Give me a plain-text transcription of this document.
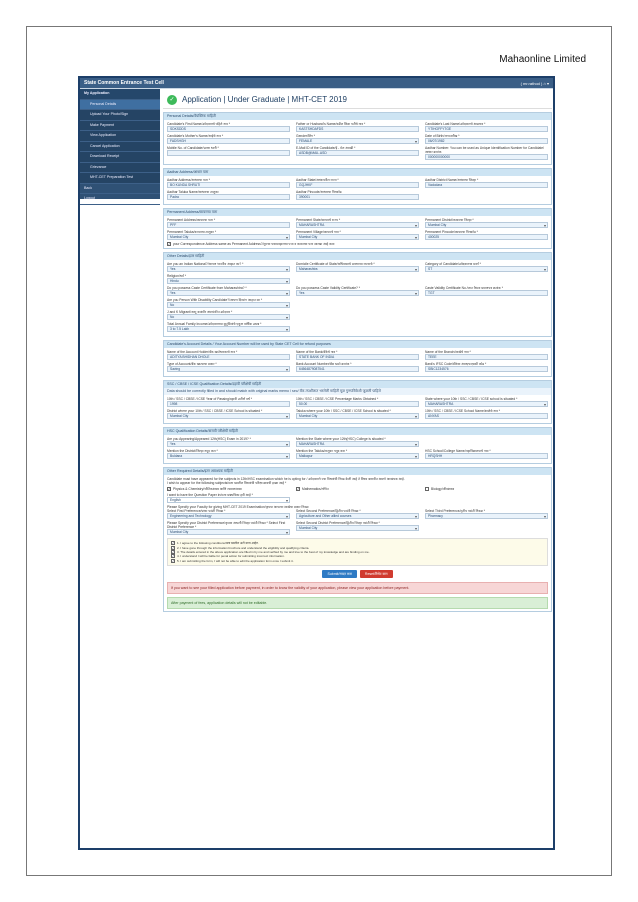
Mahaonline Limited
State Common Entrance Test Cell	( mr.rathod ) ⌂ ▾
My Application
Personal Details
Upload Your Photo/Sign
Make Payment
View Application
Cancel Application
Download Receipt
Grievance
MHT-CET Preparation Test
Back
Logout
✓ Application | Under Graduate | MHT-CET 2019
Personal Details/वैयक्तिक माहिती
Candidate's First Name/उमेदवाराचे पहिले नाव *
SDKSDDS
Father or Husband's Name/वडील किंवा पतीचे नाव *
KASTSHDAFDS
Candidate's Last Name/उमेदवाराचे आडनाव *
YTIHGFFYTGE
Candidate's Mother's Name/आईचे नाव *
FADSHGH
Gender/लिंग *
FEMALE ▾
Date of Birth/जन्मतारीख *
06/07/1982
Mobile No. of Candidate/भ्रमण ध्वनी *	E-Mail ID of the Candidate/ई - मेल आयडी *
ASDB@MAIL.ASD
Aadhar Number: You can be used as Unique Identification Number for Candidate/आधार क्रमांक
000000000000
Aadhar Address/आधार पत्ता
Aadhar Address/आधारचा पत्ता *
BO KUNDA SHRUTI
Aadhar State/आधारातील राज्य *
GQJHKF
Aadhar District Name/आधारचा जिल्हा *
Vadodara
Aadhar Taluka Name/आधारचा तालुका
Padra
Aadhar Pincode/आधारचा पिनकोड
390001
Permanent Address/कायमचा पत्ता
Permanent Address/कायमचा पत्ता *
PFF
Permanent State/कायमचे राज्य *
MAHARASHTRA ▾
Permanent District/कायमचा जिल्हा *
Mumbai City ▾
Permanent Taluka/कायमचा तालुका *
Mumbai City ▾
Permanent Village/कायमचे गाव *
Mumbai City ▾
Permanent Pincode/कायमचा पिनकोड *
400025
✓ your Correspondence Address same as Permanent Address?/तुमचा पत्रव्यवहाराचा पत्ता व कायमचा पत्ता सारखा आहे काय
Other Details/इतर माहिती
Are you an Indian National?/आपण भारतीय आहात का? *
Yes ▾
Domicile Certificate of State/अधिवासाचे प्रमाणपत्र राज्याचे *
Maharashtra ▾
Category of Candidate/उमेदवाराचा प्रवर्ग *
ST ▾
Religion/धर्म *
Hindu ▾
Do you possess Caste Certificate from Maharashtra? *
Yes ▾
Do you possess Caste Validity Certificate? *
Yes ▾
Caste Validity Certificate No./जात वैधता प्रमाणपत्र क्रमांक *
TGT
Are you Person With Disability Candidate?/आपण दिव्यांग आहात का *
No ▾
J and K Migrant/जम्मू काश्मीर स्थलांतरित उमेदवार *
No ▾
Total Annual Family Income/उमेदवाराच्या कुटुंबियांचे एकूण वार्षिक उत्पन्न *
3 to 7.5 Lakh ▾
Candidate's Account Details / Your Account Number will be used by State CET Cell for refund purposes
Name of the Account Holder/बँक खातेधारकाचे नाव *
ADITYA BHIDHAN DHOLE
Name of the Bank/बँकेचे नाव *
STATE BANK OF INDIA
Name of the Branch/शाखेचे नाव *
TEEE
Type of Account/बँक खात्याचा प्रकार *
Saving ▾
Bank Account Number/बँक खाते क्रमांक *
64564879087541
Bank's IFSC Code/बँकेचा आयएफएससी कोड *
SBIC1234576
SSC / CBSE / ICSE Qualification Details/दहावी परीक्षेची माहिती
Data should be correctly filled in and should match with original marks memo / sec/ बँक तपशीलात भरलेली माहिती मूळ गुणपत्रिकेशी जुळली पाहिजे
10th / SSC / CBSE / ICSE Year of Passing/दहावी उत्तीर्ण वर्ष *
1998
10th / SSC / CBSE / ICSE Percentage Marks Obtained *
50.00
State where your 10th / SSC / CBSE / ICSE school is situated *
MAHARASHTRA ▾
District where your 10th / SSC / CBSE / ICSE School is situated *
Mumbai City ▾
Taluka where your 10th / SSC / CBSE / ICSE School is situated *
Mumbai City ▾
10th / SSC / CBSE / ICSE School Name/शाळेचे नाव *
ANYAS
HSC Qualification Details/बारावी परीक्षेची माहिती
Are you Appearing/Appeared 12th(HSC) Exam in 2019? *
Yes ▾
Mention the State where your 12th(HSC) College is situated *
MAHARASHTRA ▾
Mention the District/जिल्हा नमूद करा *
Buldana ▾
Mention the Taluka/तालुका नमूद करा *
Malkapur ▾
HSC School/College Name/महाविद्यालयाचे नाव *
HRQSHH
Other Required Details/इतर आवश्यक माहिती
Candidate must have appeared for the subjects in 12th/HSC examination which he is opting for / उमेदवाराने ज्या विषयांची निवड केली आहे ते विषय बारावीत असणे आवश्यक आहे.
I wish to appear for the following subjects/मला खालील विषयांची परीक्षा द्यायची इच्छा आहे *
✓ Physics & Chemistry/भौतिकशास्त्र आणि रसायनशास्त्र	✓ Mathematics/गणित	Biology/जीवशास्त्र
I want to have the Question Paper in/मला प्रश्नपत्रिका हवी आहे *
English ▾
Please Specify your Faculty for giving MHT-CET 2019 Examination/कृपया आपल्या शाखेचा प्रकार निवडा
Select First Preference/प्रथम पसंती निवडा *
Engineering and Technology ▾
Select Second Preference/द्वितीय पसंती निवडा *
Agriculture and Other allied courses ▾
Select Third Preference/तृतीय पसंती निवडा *
Pharmacy ▾
Please Specify your District Preference/कृपया आपली जिल्हा पसंती निवडा * Select First District Preference *
Mumbai City ▾
Select Second District Preference/द्वितीय जिल्हा पसंती निवडा *
Mumbai City ▾
✓ 1. I agree to the following conditions/मला खालील अटी मान्य आहेत.
✓ 2. I have gone through the information brochure and understand the eligibility and qualifying criteria.
✓ 3. The details entered in the above application are filled in by me and verified by me and true to the best of my knowledge and are binding on me.
✓ 4. I understand I will be liable for penal action for submitting incorrect information.
✓ 5. I am submitting the form, I will not be able to edit the application form once I submit it.
Submit/सादर करा	Reset/रिसेट करा
If you want to see your filled application before payment, in order to know the validity of your application, please view your application before payment.
After payment of fees, application details will not be editable.
